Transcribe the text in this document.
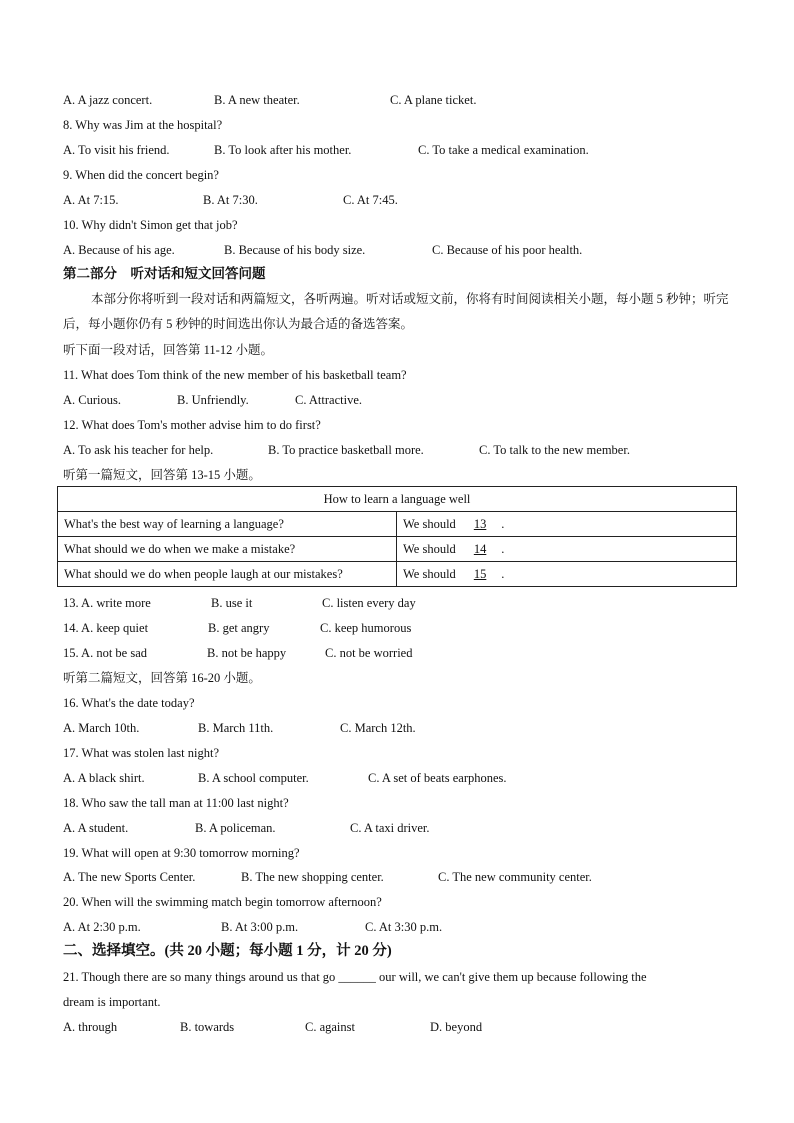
A. A jazz concert.	B. A new theater.	C. A plane ticket.
8. Why was Jim at the hospital?
A. To visit his friend.	B. To look after his mother.	C. To take a medical examination.
9. When did the concert begin?
A. At 7:15.	B. At 7:30.	C. At 7:45.
10. Why didn't Simon get that job?
A. Because of his age.	B. Because of his body size.	C. Because of his poor health.
第二部分　听对话和短文回答问题
本部分你将听到一段对话和两篇短文，各听两遍。听对话或短文前，你将有时间阅读相关小题，每小题 5 秒钟；听完后，每小题你仍有 5 秒钟的时间选出你认为最合适的备选答案。
听下面一段对话，回答第 11-12 小题。
11. What does Tom think of the new member of his basketball team?
A. Curious.	B. Unfriendly.	C. Attractive.
12. What does Tom's mother advise him to do first?
A. To ask his teacher for help.	B. To practice basketball more.	C. To talk to the new member.
听第一篇短文，回答第 13-15 小题。
How to learn a language well	
What's the best way of learning a language?	We should 13 .
What should we do when we make a mistake?	We should 14 .
What should we do when people laugh at our mistakes?	We should 15 .
13. A. write more	B. use it	C. listen every day
14. A. keep quiet	B. get angry	C. keep humorous
15. A. not be sad	B. not be happy	C. not be worried
听第二篇短文，回答第 16-20 小题。
16. What's the date today?
A. March 10th.	B. March 11th.	C. March 12th.
17. What was stolen last night?
A. A black shirt.	B. A school computer.	C. A set of beats earphones.
18. Who saw the tall man at 11:00 last night?
A. A student.	B. A policeman.	C. A taxi driver.
19. What will open at 9:30 tomorrow morning?
A. The new Sports Center.	B. The new shopping center.	C. The new community center.
20. When will the swimming match begin tomorrow afternoon?
A. At 2:30 p.m.	B. At 3:00 p.m.	C. At 3:30 p.m.
二、选择填空。(共 20 小题；每小题 1 分，计 20 分)
21. Though there are so many things around us that go ______ our will, we can't give them up because following the
dream is important.
A. through	B. towards	C. against	D. beyond
